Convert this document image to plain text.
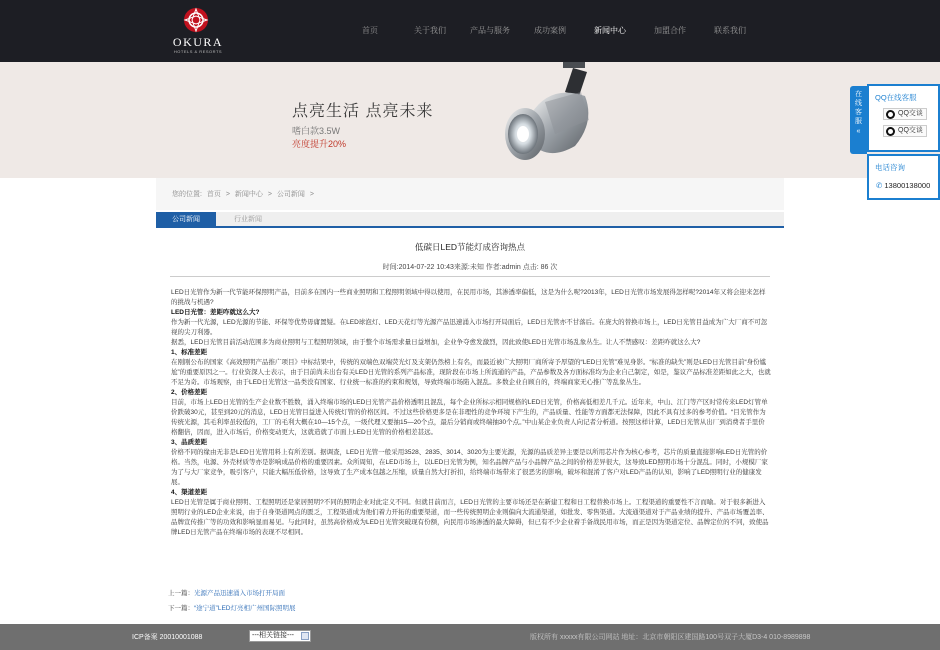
OKURA
HOTELS & RESORTS
首页	关于我们	产品与服务	成功案例	新闻中心	加盟合作	联系我们
点亮生活 点亮未来
嗜白款3.5W
亮度提升20%
您的位置: 首页 > 新闻中心 > 公司新闻 >
公司新闻	行业新闻
低碳日LED节能灯成咨询热点
时间:2014-07-22 10:43来源:未知 作者:admin 点击: 86 次

LED日光管作为新一代节能环保照明产品，目前多在国内一些商业照明和工程照明领域中得以使用，在民用市场，其渗透率偏低，这是为什么呢?2013年，LED日光管市场发展得怎样呢?2014年又将会迎来怎样的挑战与机遇?

LED日光管：差距咋就这么大?

作为新一代光源，LED光源的节能、环保等优势毋庸置疑。在LED球泡灯、LED天花灯等光源产品迅速涌入市场打开局面后，LED日光管亦不甘落后。在庞大的替换市场上，LED日光管目益成为广大厂商不可忽视的尖刀利器。

据悉，LED日光管目前活动范围多为商业照明与工程照明领域，由于整个市场需求量日益增加，企业争夺愈发激烈，因此致使LED日光管市场乱象丛生。让人不禁感叹：差距咋就这么大?

1、标准差距

在刚刚公布的国家《高效照明产品推广项目》中标结果中，传统的双端色双端荧光灯及支架仍然榜上有名，而最近被广大照明厂商所寄予厚望的“LED日光管”难见身影。“标准的缺失”则是LED日光管目前“身份尴尬”的重要原因之一。行业资深人士表示，由于目前尚未出台有关LED日光管的系列产品标准，现阶段在市场上所流通的产品，产品参数及各方面标准均为企业自己制定，如是，鉴议产品标准差距如此之大，也就不足为奇。市场观察，由于LED日光管这一品类没有国家、行业统一标准的约束和规划，导致终端市场陷入混乱。多数企业自顾自的，终端商家无心推广等乱象丛生。

2、价格差距

目前，市场上LED日光管的生产企业数不胜数，涌入终端市场的LED日光管产品价格透明且混乱，每个企业所标示相同规格的LED日光管，价格高低相差几千元。近年来，中山、江门等产区时常传来LED灯管单价跌破30元，甚至到20元的消息，LED日光管目益进入传统灯管的价格区间。不过这些价格更多是在非理性的竞争环境下产生的，产品质量、性能等方面都无法保障，因此不具有过多的参考价值。“目光管作为传统光源，其毛利率虽较低的，工厂的毛利大概在10—15个点，一级代理又要抽15—20个点，最后分销商或终端抽30个点。”中山某企业负责人向记者分析道。按照这样计算，LED日光管从出厂到消费者手里价格翻倍，因而，进入市场后，价格变动更大，这就造就了市面上LED日光管的价格相差甚远。

3、品质差距

价格不同的缘由无非是LED日光管用料上有所差别。据调查，LED日光管一般采用3528、2835、3014、3020为主要光源，光源的品质差异主要是以所用芯片作为核心参考，芯片的质量直接影响LED日光管的价格。当然，电源、外壳材质等亦是影响成品价格的重要因素。众所周知，在LED市场上，以LED日光管为例，知名品牌产品与小品牌产品之间的价格差异很大，这导致LED照明市场十分混乱。同时，小规模厂家为了与大厂家竞争，吸引客户，只能大幅压低价格，这导致了生产成本包越之压缩，质量自然大打折扣，给终端市场带来了很恶劣的影响，破坏和混淆了客户对LED产品的认知，影响了LED照明行业的健康发展。

4、渠道差距

LED日光管是属于商业照明、工程照明还是家居照明?不同的照明企业对此定义不同。但就目前而言，LED日光管的主要市场还是在新建工程和日工程替换市场上。工程渠道的重要性不言而喻。对于很多新进入照明行业的LED企业来说，由于自身渠道网点的匮乏，工程渠道成为他们着力开拓的重要渠道，而一些传统照明企业则偏向大流通渠道，如批发、零售渠道。大流通渠道对于产品业绩的提升、产品市场覆盖率、品牌宣传推广等的功效和影响显而易见。与此同时，虽然高价格成为LED日光管突破现有份额，向民用市场渗透的最大障碍，但已有不少企业着手备战民用市场，而正是因为渠道定位、品牌定位的不同，致使品牌LED日光管产品在终端市场的表现不尽相同。

上一篇：光源产品迅速涌入市场打开局面
下一篇：“途宁道”LED灯亮相广州国际照明展
在线客服
«
QQ在线客服
QQ交谈
QQ交谈
电话咨询
✆ 13800138000
ICP备案 20010001088	---相关链接---	版权所有 xxxxx有限公司网站 地址：北京市朝阳区建国路100号双子大厦D3-4 010-8989898
